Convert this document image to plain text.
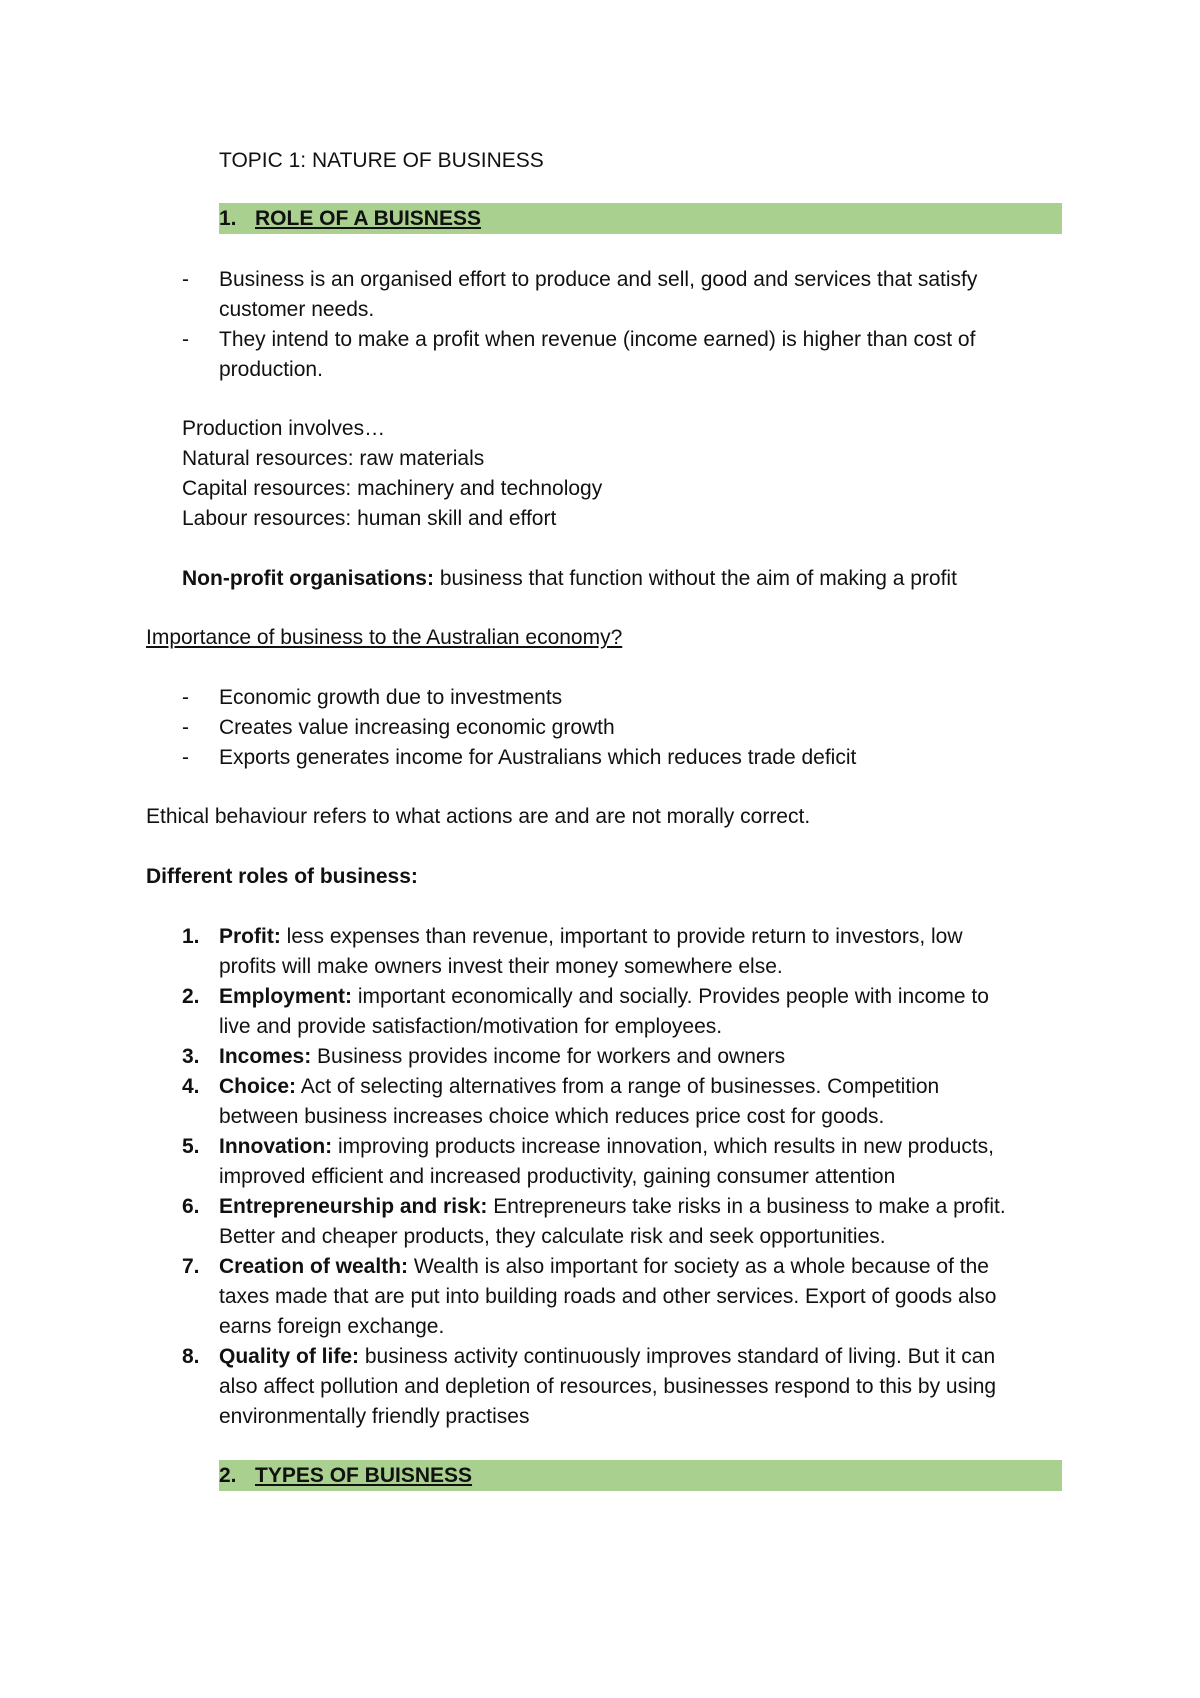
TOPIC 1: NATURE OF BUSINESS
1. ROLE OF A BUISNESS
- Business is an organised effort to produce and sell, good and services that satisfy
customer needs.
- They intend to make a profit when revenue (income earned) is higher than cost of
production.
Production involves…
Natural resources: raw materials
Capital resources: machinery and technology
Labour resources: human skill and effort
Non-profit organisations: business that function without the aim of making a profit
Importance of business to the Australian economy?
- Economic growth due to investments
- Creates value increasing economic growth
- Exports generates income for Australians which reduces trade deficit
Ethical behaviour refers to what actions are and are not morally correct.
Different roles of business:
1. Profit: less expenses than revenue, important to provide return to investors, low
profits will make owners invest their money somewhere else.
2. Employment: important economically and socially. Provides people with income to
live and provide satisfaction/motivation for employees.
3. Incomes: Business provides income for workers and owners
4. Choice: Act of selecting alternatives from a range of businesses. Competition
between business increases choice which reduces price cost for goods.
5. Innovation: improving products increase innovation, which results in new products,
improved efficient and increased productivity, gaining consumer attention
6. Entrepreneurship and risk: Entrepreneurs take risks in a business to make a profit.
Better and cheaper products, they calculate risk and seek opportunities.
7. Creation of wealth: Wealth is also important for society as a whole because of the
taxes made that are put into building roads and other services. Export of goods also
earns foreign exchange.
8. Quality of life: business activity continuously improves standard of living. But it can
also affect pollution and depletion of resources, businesses respond to this by using
environmentally friendly practises
2. TYPES OF BUISNESS
